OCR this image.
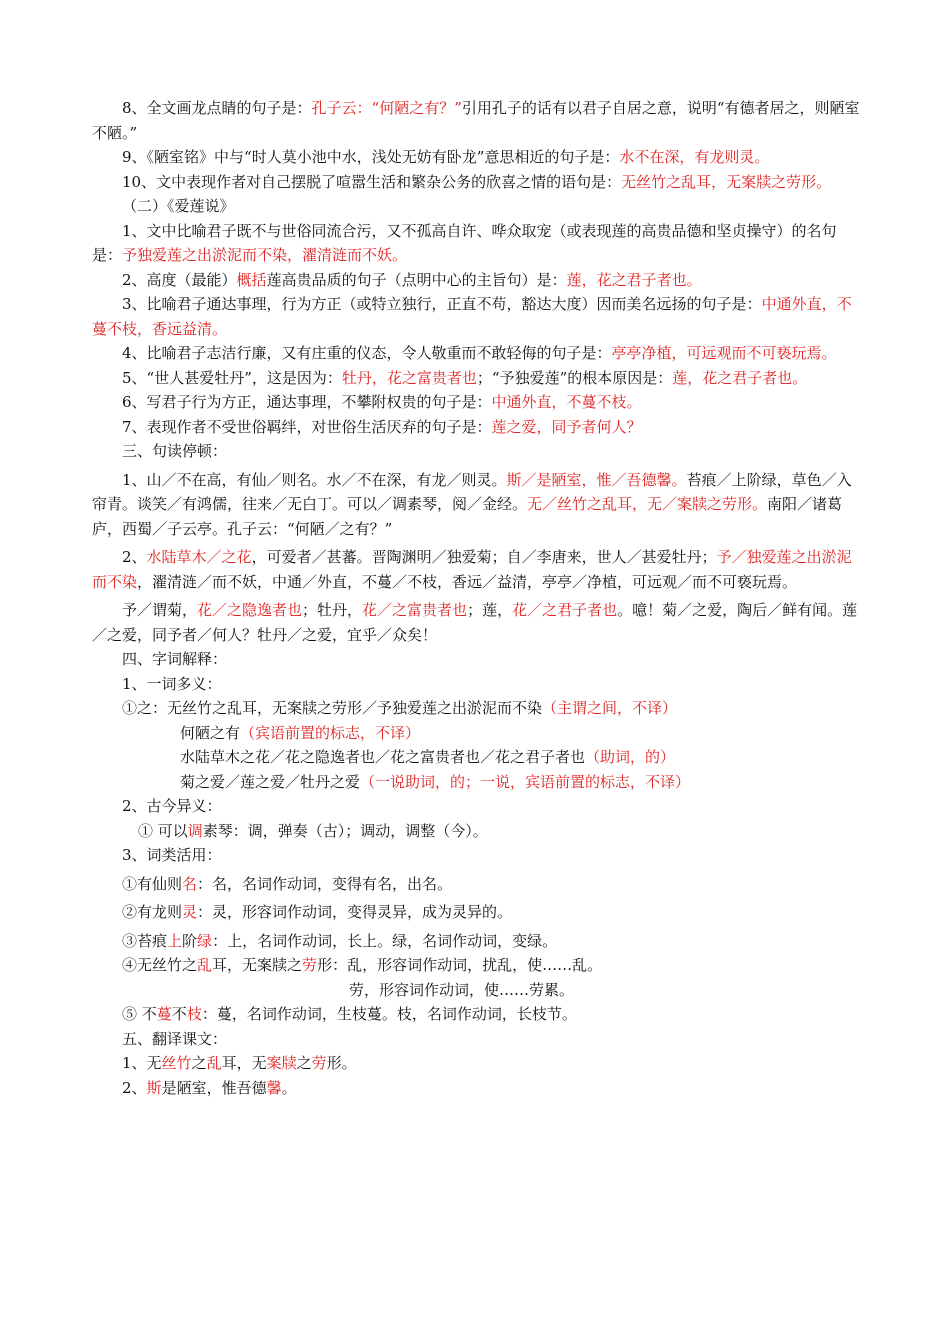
8、全文画龙点睛的句子是：孔子云：“何陋之有？”引用孔子的话有以君子自居之意，说明“有德者居之，则陋室不陋。”

9、《陋室铭》中与“时人莫小池中水，浅处无妨有卧龙”意思相近的句子是：水不在深，有龙则灵。

10、文中表现作者对自己摆脱了喧嚣生活和繁杂公务的欣喜之情的语句是：无丝竹之乱耳，无案牍之劳形。

（二）《爱莲说》

1、文中比喻君子既不与世俗同流合污，又不孤高自许、哗众取宠（或表现莲的高贵品德和坚贞操守）的名句是：予独爱莲之出淤泥而不染，濯清涟而不妖。

2、高度（最能）概括莲高贵品质的句子（点明中心的主旨句）是：莲，花之君子者也。

3、比喻君子通达事理，行为方正（或特立独行，正直不苟，豁达大度）因而美名远扬的句子是：中通外直，不蔓不枝，香远益清。

4、比喻君子志洁行廉，又有庄重的仪态，令人敬重而不敢轻侮的句子是：亭亭净植，可远观而不可亵玩焉。

5、“世人甚爱牡丹”，这是因为：牡丹，花之富贵者也；“予独爱莲”的根本原因是：莲，花之君子者也。

6、写君子行为方正，通达事理，不攀附权贵的句子是：中通外直，不蔓不枝。

7、表现作者不受世俗羁绊，对世俗生活厌弃的句子是：莲之爱，同予者何人？

三、句读停顿：

1、山／不在高，有仙／则名。水／不在深，有龙／则灵。斯／是陋室，惟／吾德馨。苔痕／上阶绿，草色／入帘青。谈笑／有鸿儒，往来／无白丁。可以／调素琴，阅／金经。无／丝竹之乱耳，无／案牍之劳形。南阳／诸葛庐，西蜀／子云亭。孔子云：“何陋／之有？”

2、水陆草木／之花，可爱者／甚蕃。晋陶渊明／独爱菊；自／李唐来，世人／甚爱牡丹；予／独爱莲之出淤泥而不染，濯清涟／而不妖，中通／外直，不蔓／不枝，香远／益清，亭亭／净植，可远观／而不可亵玩焉。

予／谓菊，花／之隐逸者也；牡丹，花／之富贵者也；莲，花／之君子者也。噫！菊／之爱，陶后／鲜有闻。莲／之爱，同予者／何人？牡丹／之爱，宜乎／众矣！

四、字词解释：

1、一词多义：

①之：无丝竹之乱耳，无案牍之劳形／予独爱莲之出淤泥而不染（主谓之间，不译）

何陋之有（宾语前置的标志，不译）

水陆草木之花／花之隐逸者也／花之富贵者也／花之君子者也（助词，的）

菊之爱／莲之爱／牡丹之爱（一说助词，的；一说，宾语前置的标志，不译）

2、古今异义：

① 可以调素琴：调，弹奏（古）；调动，调整（今）。

3、词类活用：

①有仙则名：名，名词作动词，变得有名，出名。

②有龙则灵：灵，形容词作动词，变得灵异，成为灵异的。

③苔痕上阶绿：上，名词作动词，长上。绿，名词作动词，变绿。

④无丝竹之乱耳，无案牍之劳形：乱，形容词作动词，扰乱，使……乱。

劳，形容词作动词，使……劳累。

⑤ 不蔓不枝：蔓，名词作动词，生枝蔓。枝，名词作动词，长枝节。

五、翻译课文：

1、无丝竹之乱耳，无案牍之劳形。

2、斯是陋室，惟吾德馨。
